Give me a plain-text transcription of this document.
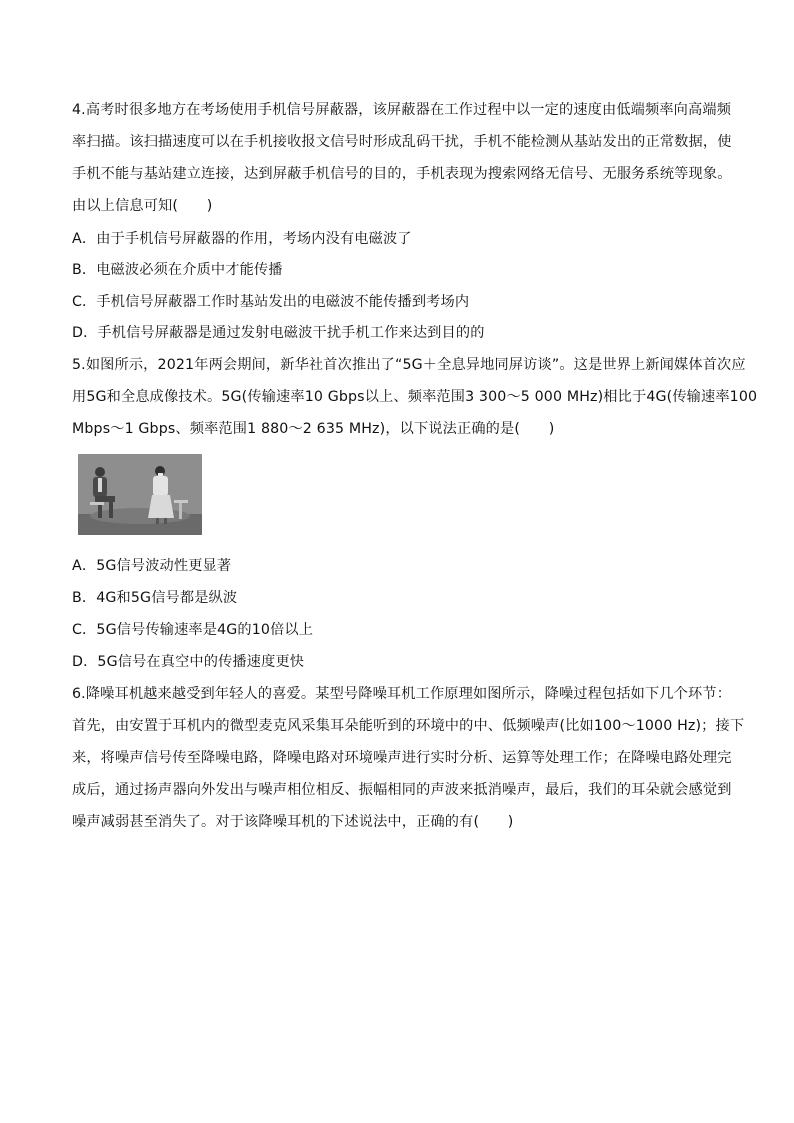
4.高考时很多地方在考场使用手机信号屏蔽器，该屏蔽器在工作过程中以一定的速度由低端频率向高端频
率扫描。该扫描速度可以在手机接收报文信号时形成乱码干扰，手机不能检测从基站发出的正常数据，使
手机不能与基站建立连接，达到屏蔽手机信号的目的，手机表现为搜索网络无信号、无服务系统等现象。
由以上信息可知(　　)
A．由于手机信号屏蔽器的作用，考场内没有电磁波了
B．电磁波必须在介质中才能传播
C．手机信号屏蔽器工作时基站发出的电磁波不能传播到考场内
D．手机信号屏蔽器是通过发射电磁波干扰手机工作来达到目的的
5.如图所示，2021年两会期间，新华社首次推出了“5G＋全息异地同屏访谈”。这是世界上新闻媒体首次应
用5G和全息成像技术。5G(传输速率10 Gbps以上、频率范围3 300～5 000 MHz)相比于4G(传输速率100
Mbps～1 Gbps、频率范围1 880～2 635 MHz)，以下说法正确的是(　　)
A．5G信号波动性更显著
B．4G和5G信号都是纵波
C．5G信号传输速率是4G的10倍以上
D．5G信号在真空中的传播速度更快
6.降噪耳机越来越受到年轻人的喜爱。某型号降噪耳机工作原理如图所示，降噪过程包括如下几个环节：
首先，由安置于耳机内的微型麦克风采集耳朵能听到的环境中的中、低频噪声(比如100～1000 Hz)；接下
来，将噪声信号传至降噪电路，降噪电路对环境噪声进行实时分析、运算等处理工作；在降噪电路处理完
成后，通过扬声器向外发出与噪声相位相反、振幅相同的声波来抵消噪声，最后，我们的耳朵就会感觉到
噪声减弱甚至消失了。对于该降噪耳机的下述说法中，正确的有(　　)
